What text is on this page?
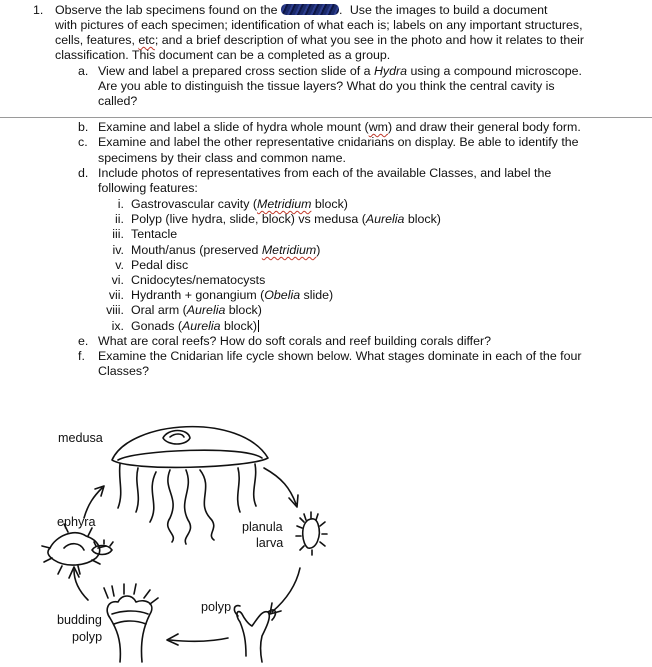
1. Observe the lab specimens found on the	. Use the images to build a document
with pictures of each specimen; identification of what each is; labels on any important structures,
cells, features, etc; and a brief description of what you see in the photo and how it relates to their
classification. This document can be a completed as a group.
a. View and label a prepared cross section slide of a Hydra using a compound microscope.
Are you able to distinguish the tissue layers? What do you think the central cavity is
called?
b. Examine and label a slide of hydra whole mount (wm) and draw their general body form.
c. Examine and label the other representative cnidarians on display. Be able to identify the
specimens by their class and common name.
d. Include photos of representatives from each of the available Classes, and label the
following features:
i. Gastrovascular cavity (Metridium block)
ii. Polyp (live hydra, slide, block) vs medusa (Aurelia block)
iii. Tentacle
iv. Mouth/anus (preserved Metridium)
v. Pedal disc
vi. Cnidocytes/nematocysts
vii. Hydranth + gonangium (Obelia slide)
viii. Oral arm (Aurelia block)
ix. Gonads (Aurelia block)
e. What are coral reefs? How do soft corals and reef building corals differ?
f. Examine the Cnidarian life cycle shown below. What stages dominate in each of the four
Classes?
medusa
ephyra	planula
larva
polyp
budding
polyp
